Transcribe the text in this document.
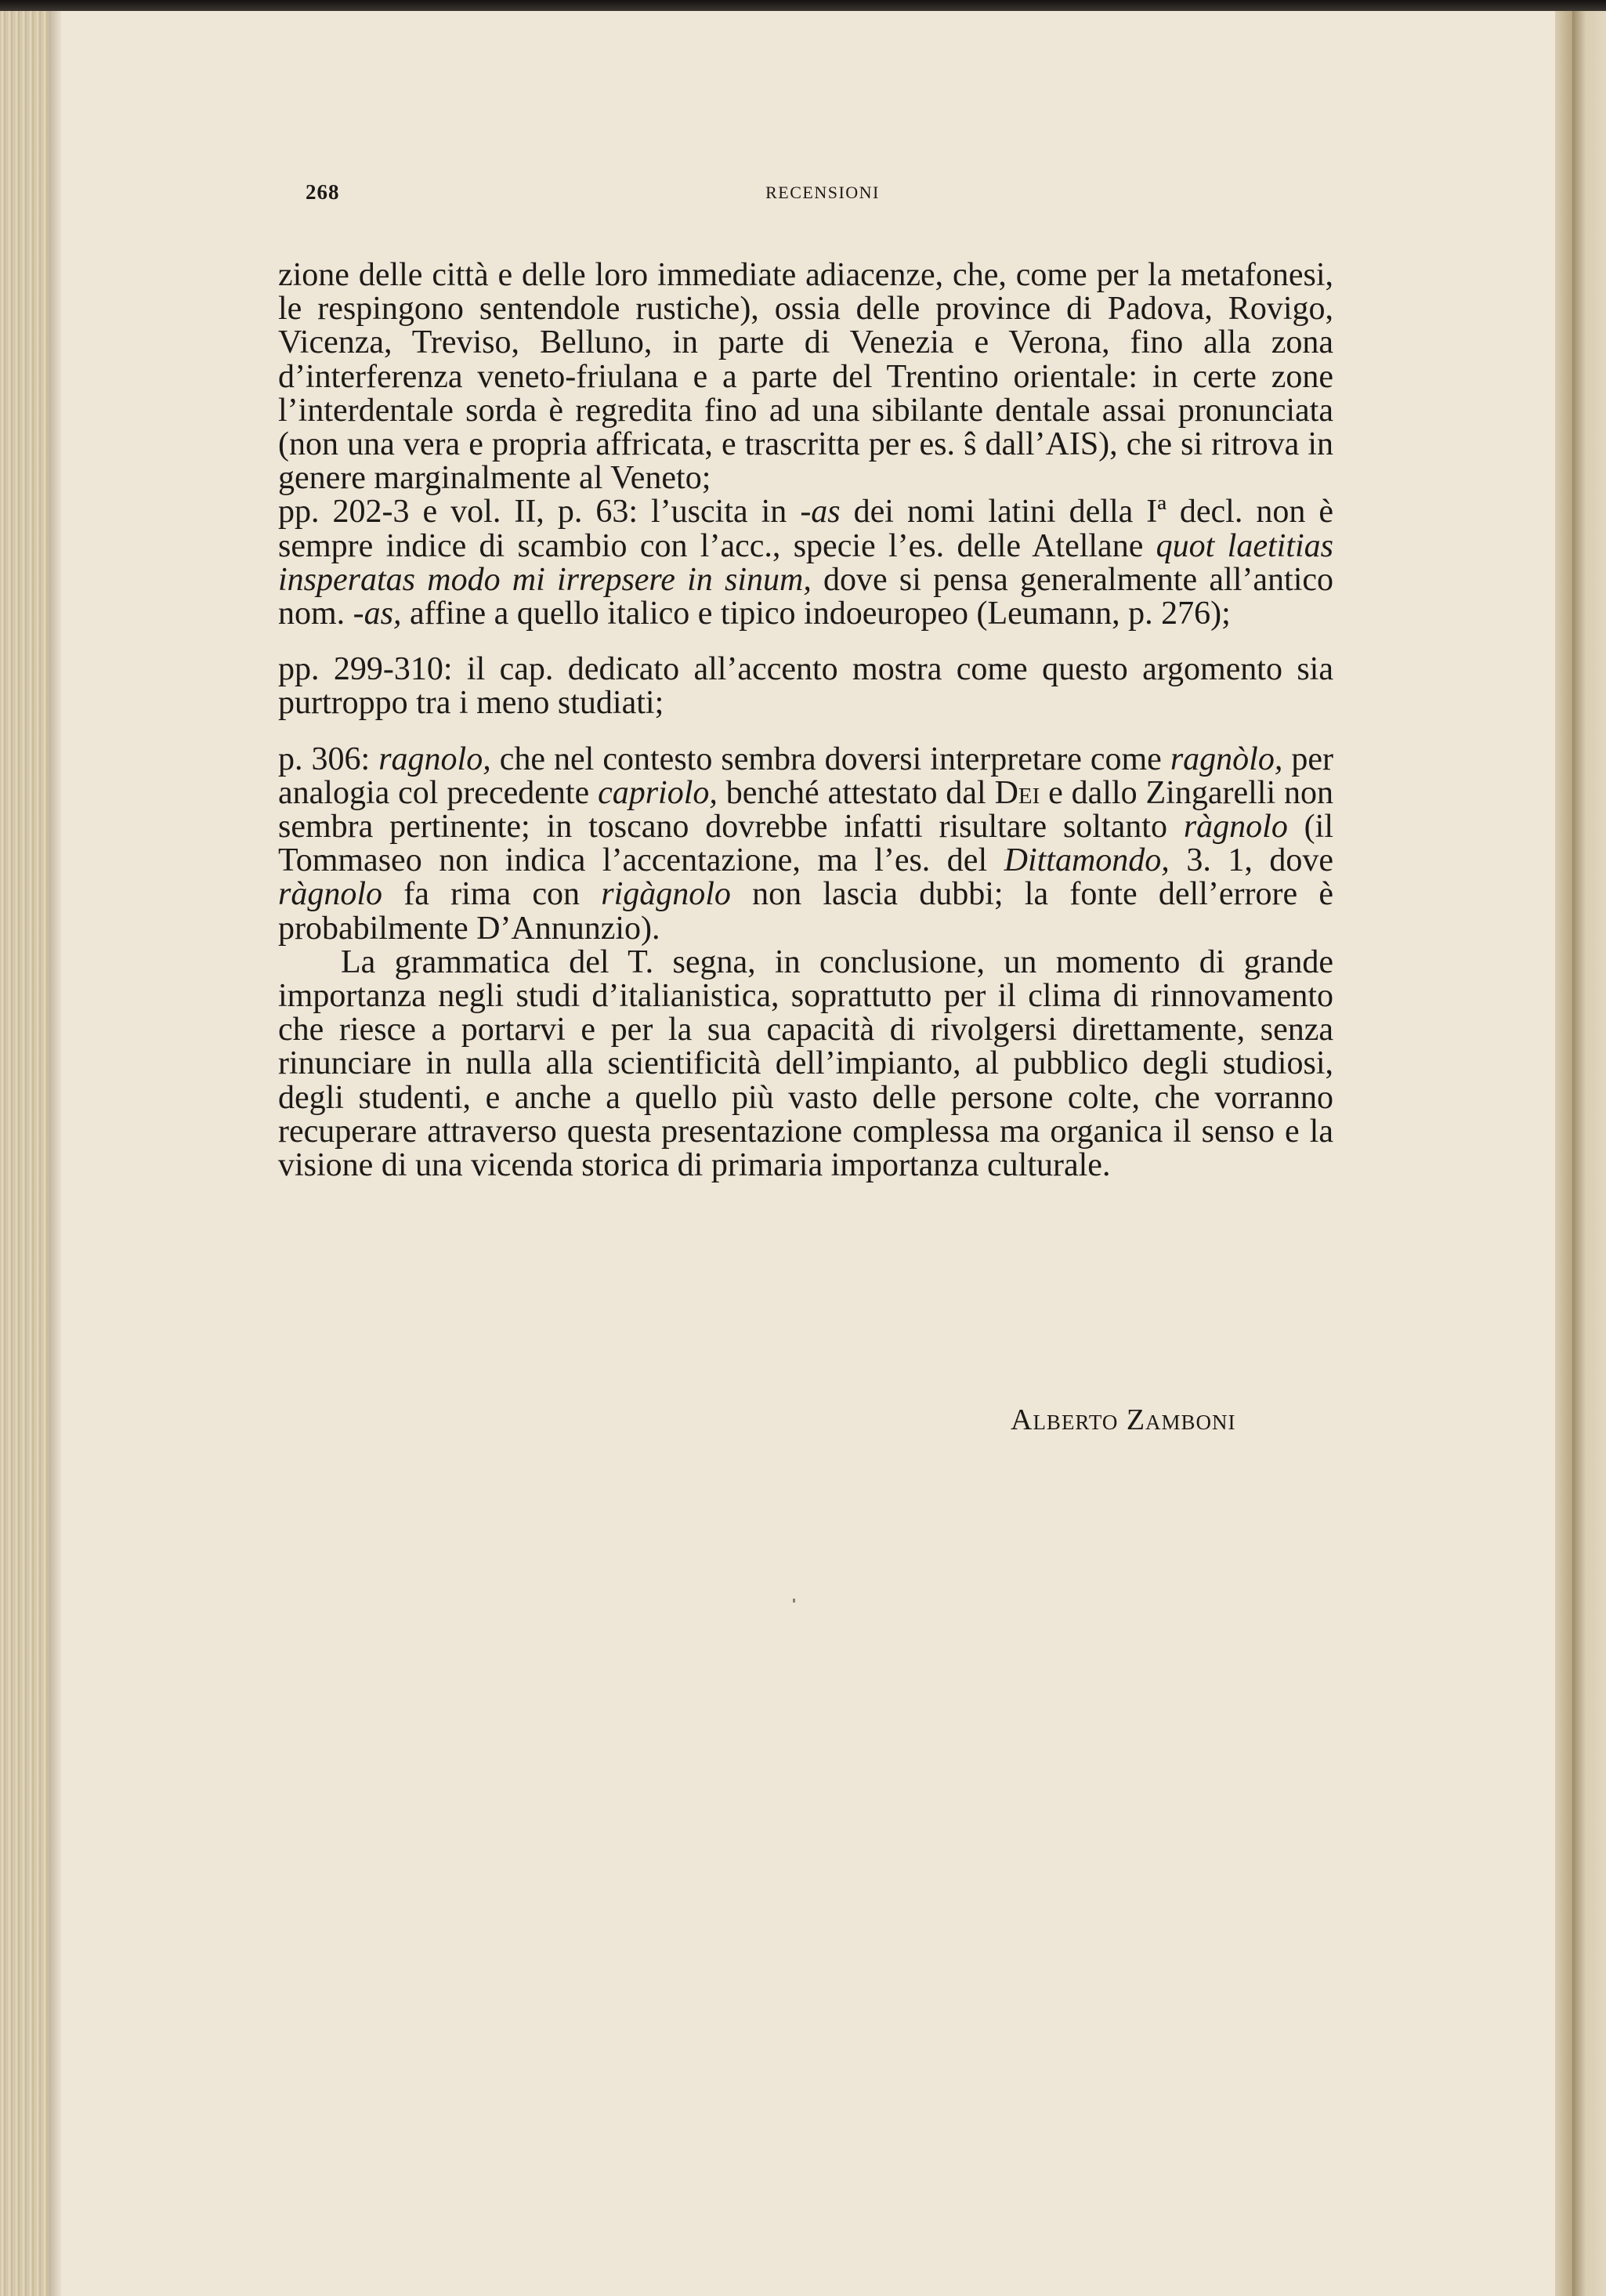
268	RECENSIONI

zione delle città e delle loro immediate adiacenze, che, come per la metafonesi, le respingono sentendole rustiche), ossia delle province di Padova, Rovigo, Vicenza, Treviso, Belluno, in parte di Venezia e Verona, fino alla zona d’interferenza veneto-friulana e a parte del Trentino orientale: in certe zone l’interdentale sorda è regredita fino ad una sibilante dentale assai pronunciata (non una vera e propria affricata, e trascritta per es. ŝ dall’AIS), che si ritrova in genere marginalmente al Veneto;

pp. 202-3 e vol. II, p. 63: l’uscita in -as dei nomi latini della Iª decl. non è sempre indice di scambio con l’acc., specie l’es. delle Atellane quot laetitias insperatas modo mi irrepsere in sinum, dove si pensa generalmente all’antico nom. -as, affine a quello italico e tipico indoeuropeo (Leumann, p. 276);

pp. 299-310: il cap. dedicato all’accento mostra come questo argomento sia purtroppo tra i meno studiati;

p. 306: ragnolo, che nel contesto sembra doversi interpretare come ragnòlo, per analogia col precedente capriolo, benché attestato dal Dei e dallo Zingarelli non sembra pertinente; in toscano dovrebbe infatti risultare soltanto ràgnolo (il Tommaseo non indica l’accentazione, ma l’es. del Dittamondo, 3. 1, dove ràgnolo fa rima con rigàgnolo non lascia dubbi; la fonte dell’errore è probabilmente D’Annunzio).

La grammatica del T. segna, in conclusione, un momento di grande importanza negli studi d’italianistica, soprattutto per il clima di rinnovamento che riesce a portarvi e per la sua capacità di rivolgersi direttamente, senza rinunciare in nulla alla scientificità dell’impianto, al pubblico degli studiosi, degli studenti, e anche a quello più vasto delle persone colte, che vorranno recuperare attraverso questa presentazione complessa ma organica il senso e la visione di una vicenda storica di primaria importanza culturale.

Alberto Zamboni
